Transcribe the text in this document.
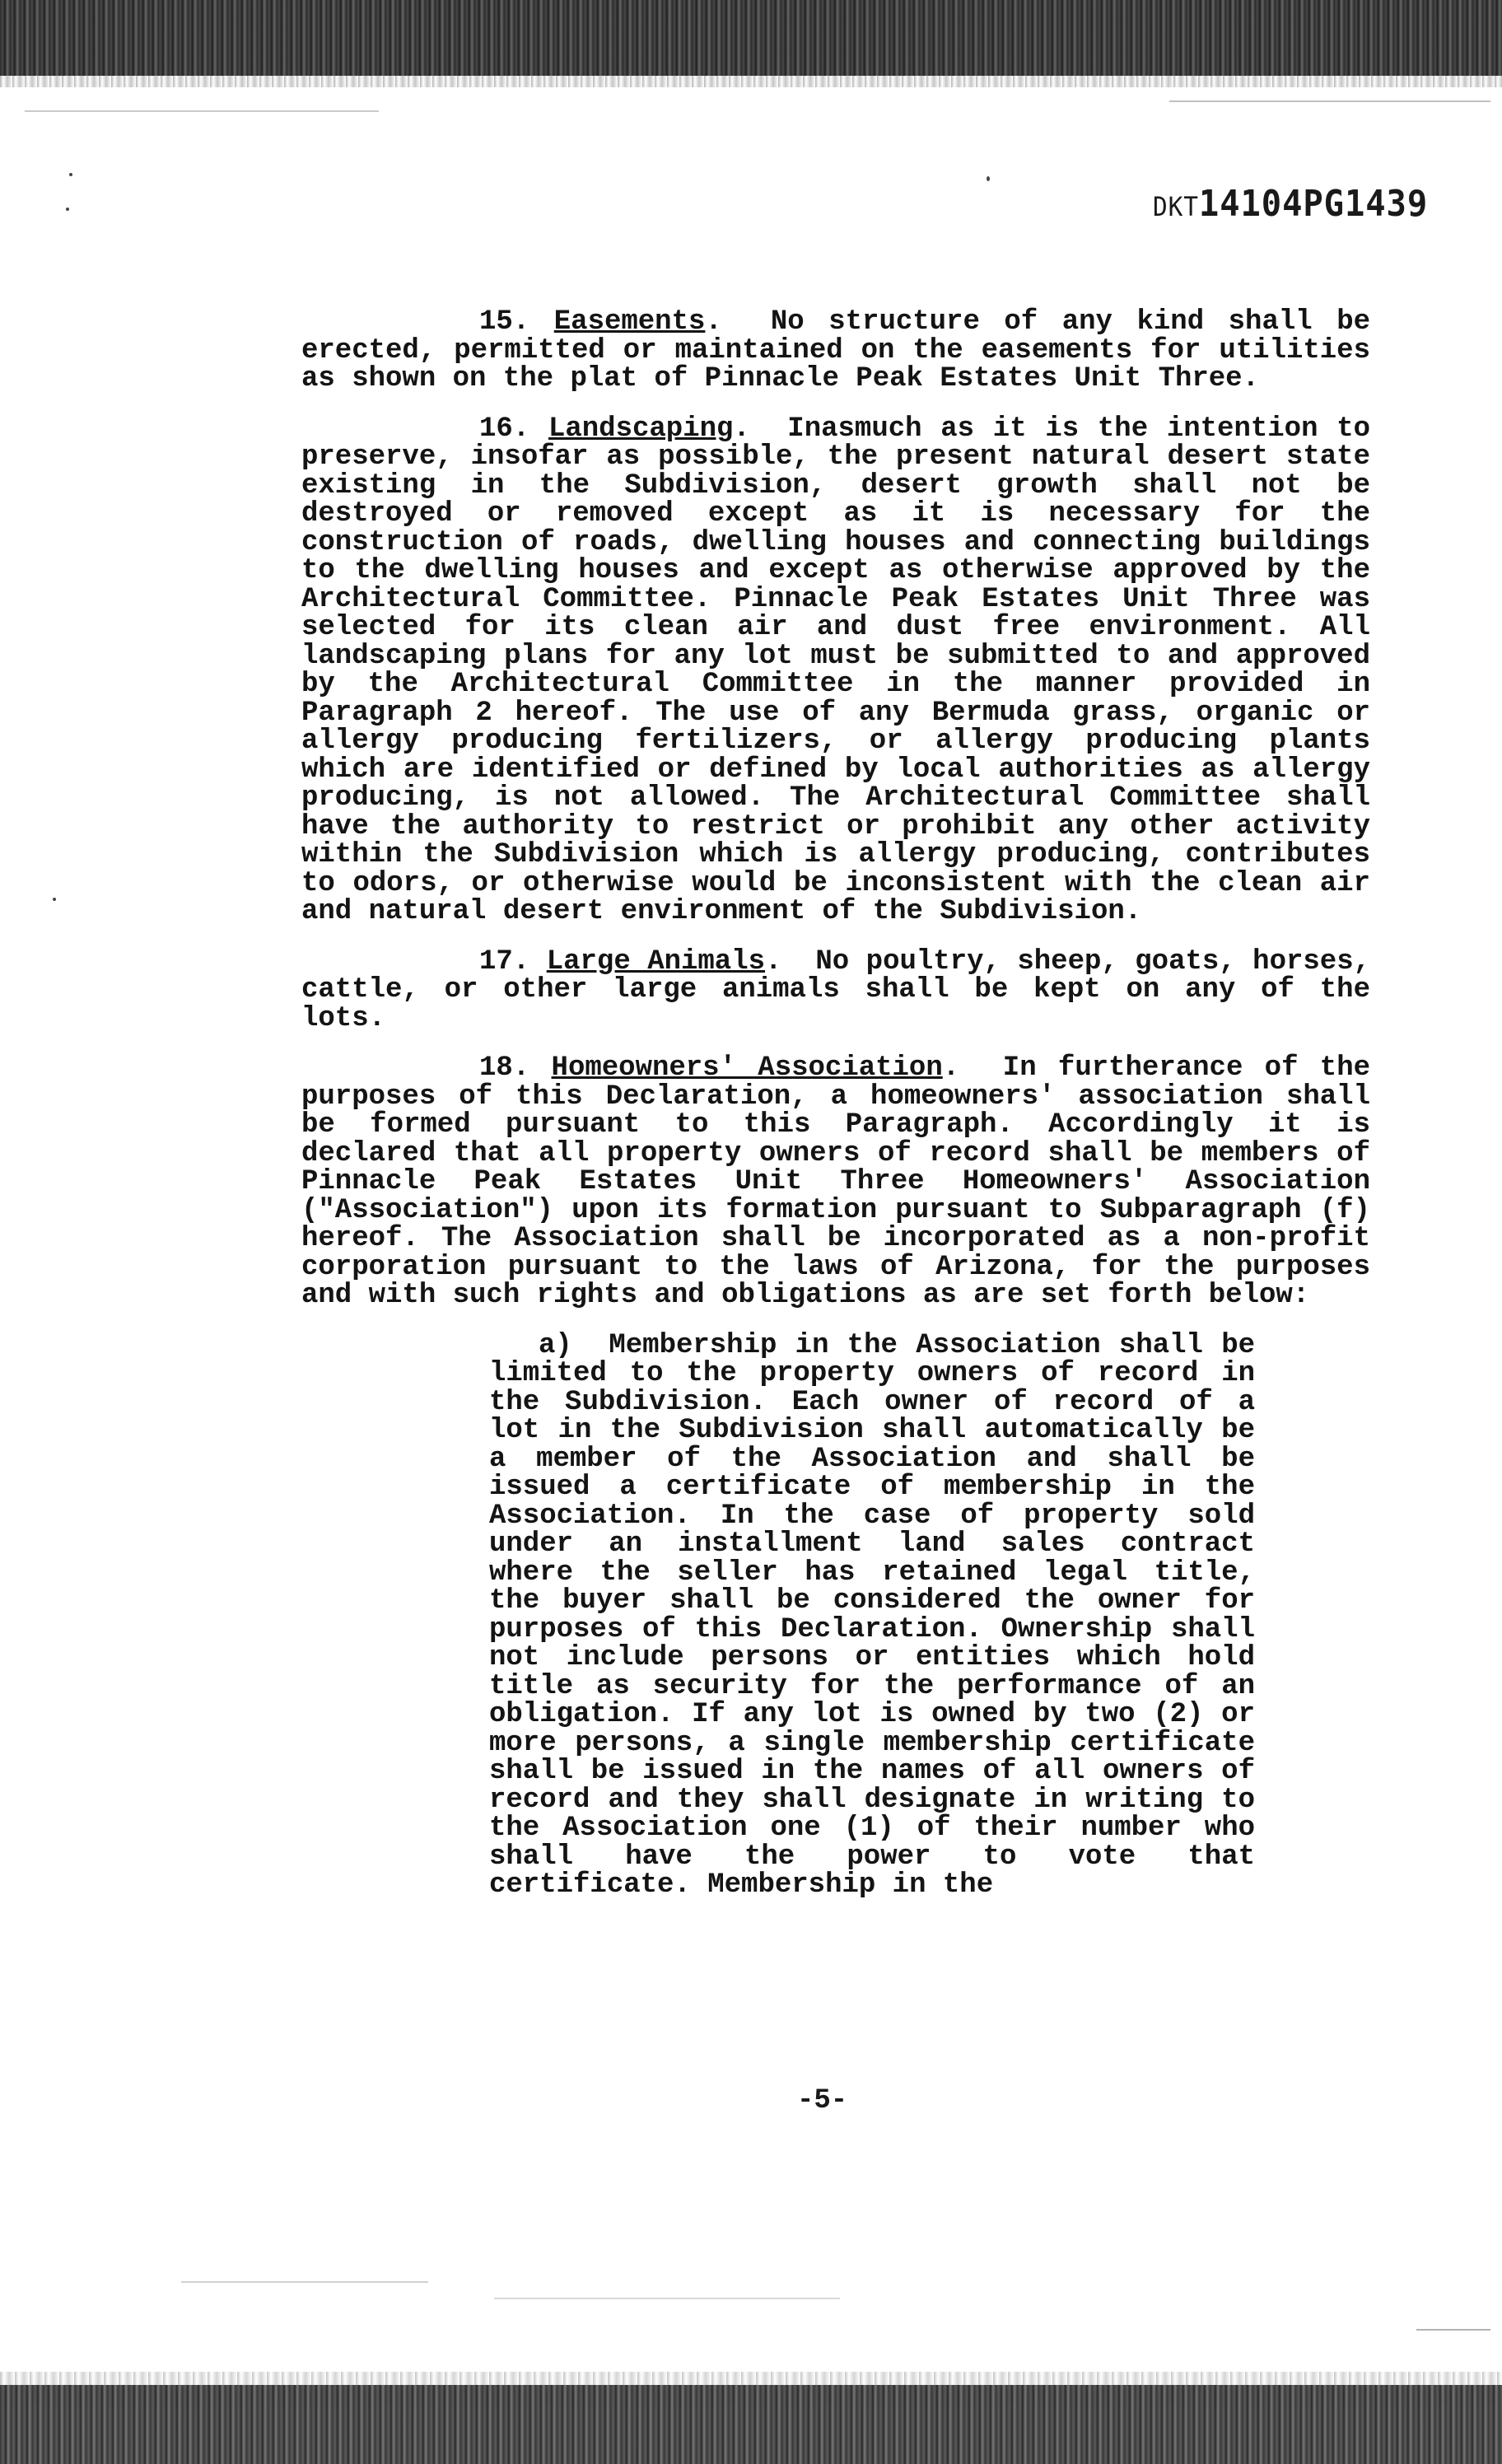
DKT14104PG1439

15. Easements.  No structure of any kind shall be erected, permitted or maintained on the easements for utilities as shown on the plat of Pinnacle Peak Estates Unit Three.

16. Landscaping.  Inasmuch as it is the intention to preserve, insofar as possible, the present natural desert state existing in the Subdivision, desert growth shall not be destroyed or removed except as it is necessary for the construction of roads, dwelling houses and connecting buildings to the dwelling houses and except as otherwise approved by the Architectural Committee. Pinnacle Peak Estates Unit Three was selected for its clean air and dust free environment. All landscaping plans for any lot must be submitted to and approved by the Architectural Committee in the manner provided in Paragraph 2 hereof. The use of any Bermuda grass, organic or allergy producing fertilizers, or allergy producing plants which are identified or defined by local authorities as allergy producing, is not allowed. The Architectural Committee shall have the authority to restrict or prohibit any other activity within the Subdivision which is allergy producing, contributes to odors, or otherwise would be inconsistent with the clean air and natural desert environment of the Subdivision.

17. Large Animals.  No poultry, sheep, goats, horses, cattle, or other large animals shall be kept on any of the lots.

18. Homeowners' Association.  In furtherance of the purposes of this Declaration, a homeowners' association shall be formed pursuant to this Paragraph. Accordingly it is declared that all property owners of record shall be members of Pinnacle Peak Estates Unit Three Homeowners' Association ("Association") upon its formation pursuant to Subparagraph (f) hereof. The Association shall be incorporated as a non-profit corporation pursuant to the laws of Arizona, for the purposes and with such rights and obligations as are set forth below:

a) Membership in the Association shall be limited to the property owners of record in the Subdivision. Each owner of record of a lot in the Subdivision shall automatically be a member of the Association and shall be issued a certificate of membership in the Association. In the case of property sold under an installment land sales contract where the seller has retained legal title, the buyer shall be considered the owner for purposes of this Declaration. Ownership shall not include persons or entities which hold title as security for the performance of an obligation. If any lot is owned by two (2) or more persons, a single membership certificate shall be issued in the names of all owners of record and they shall designate in writing to the Association one (1) of their number who shall have the power to vote that certificate. Membership in the

-5-
